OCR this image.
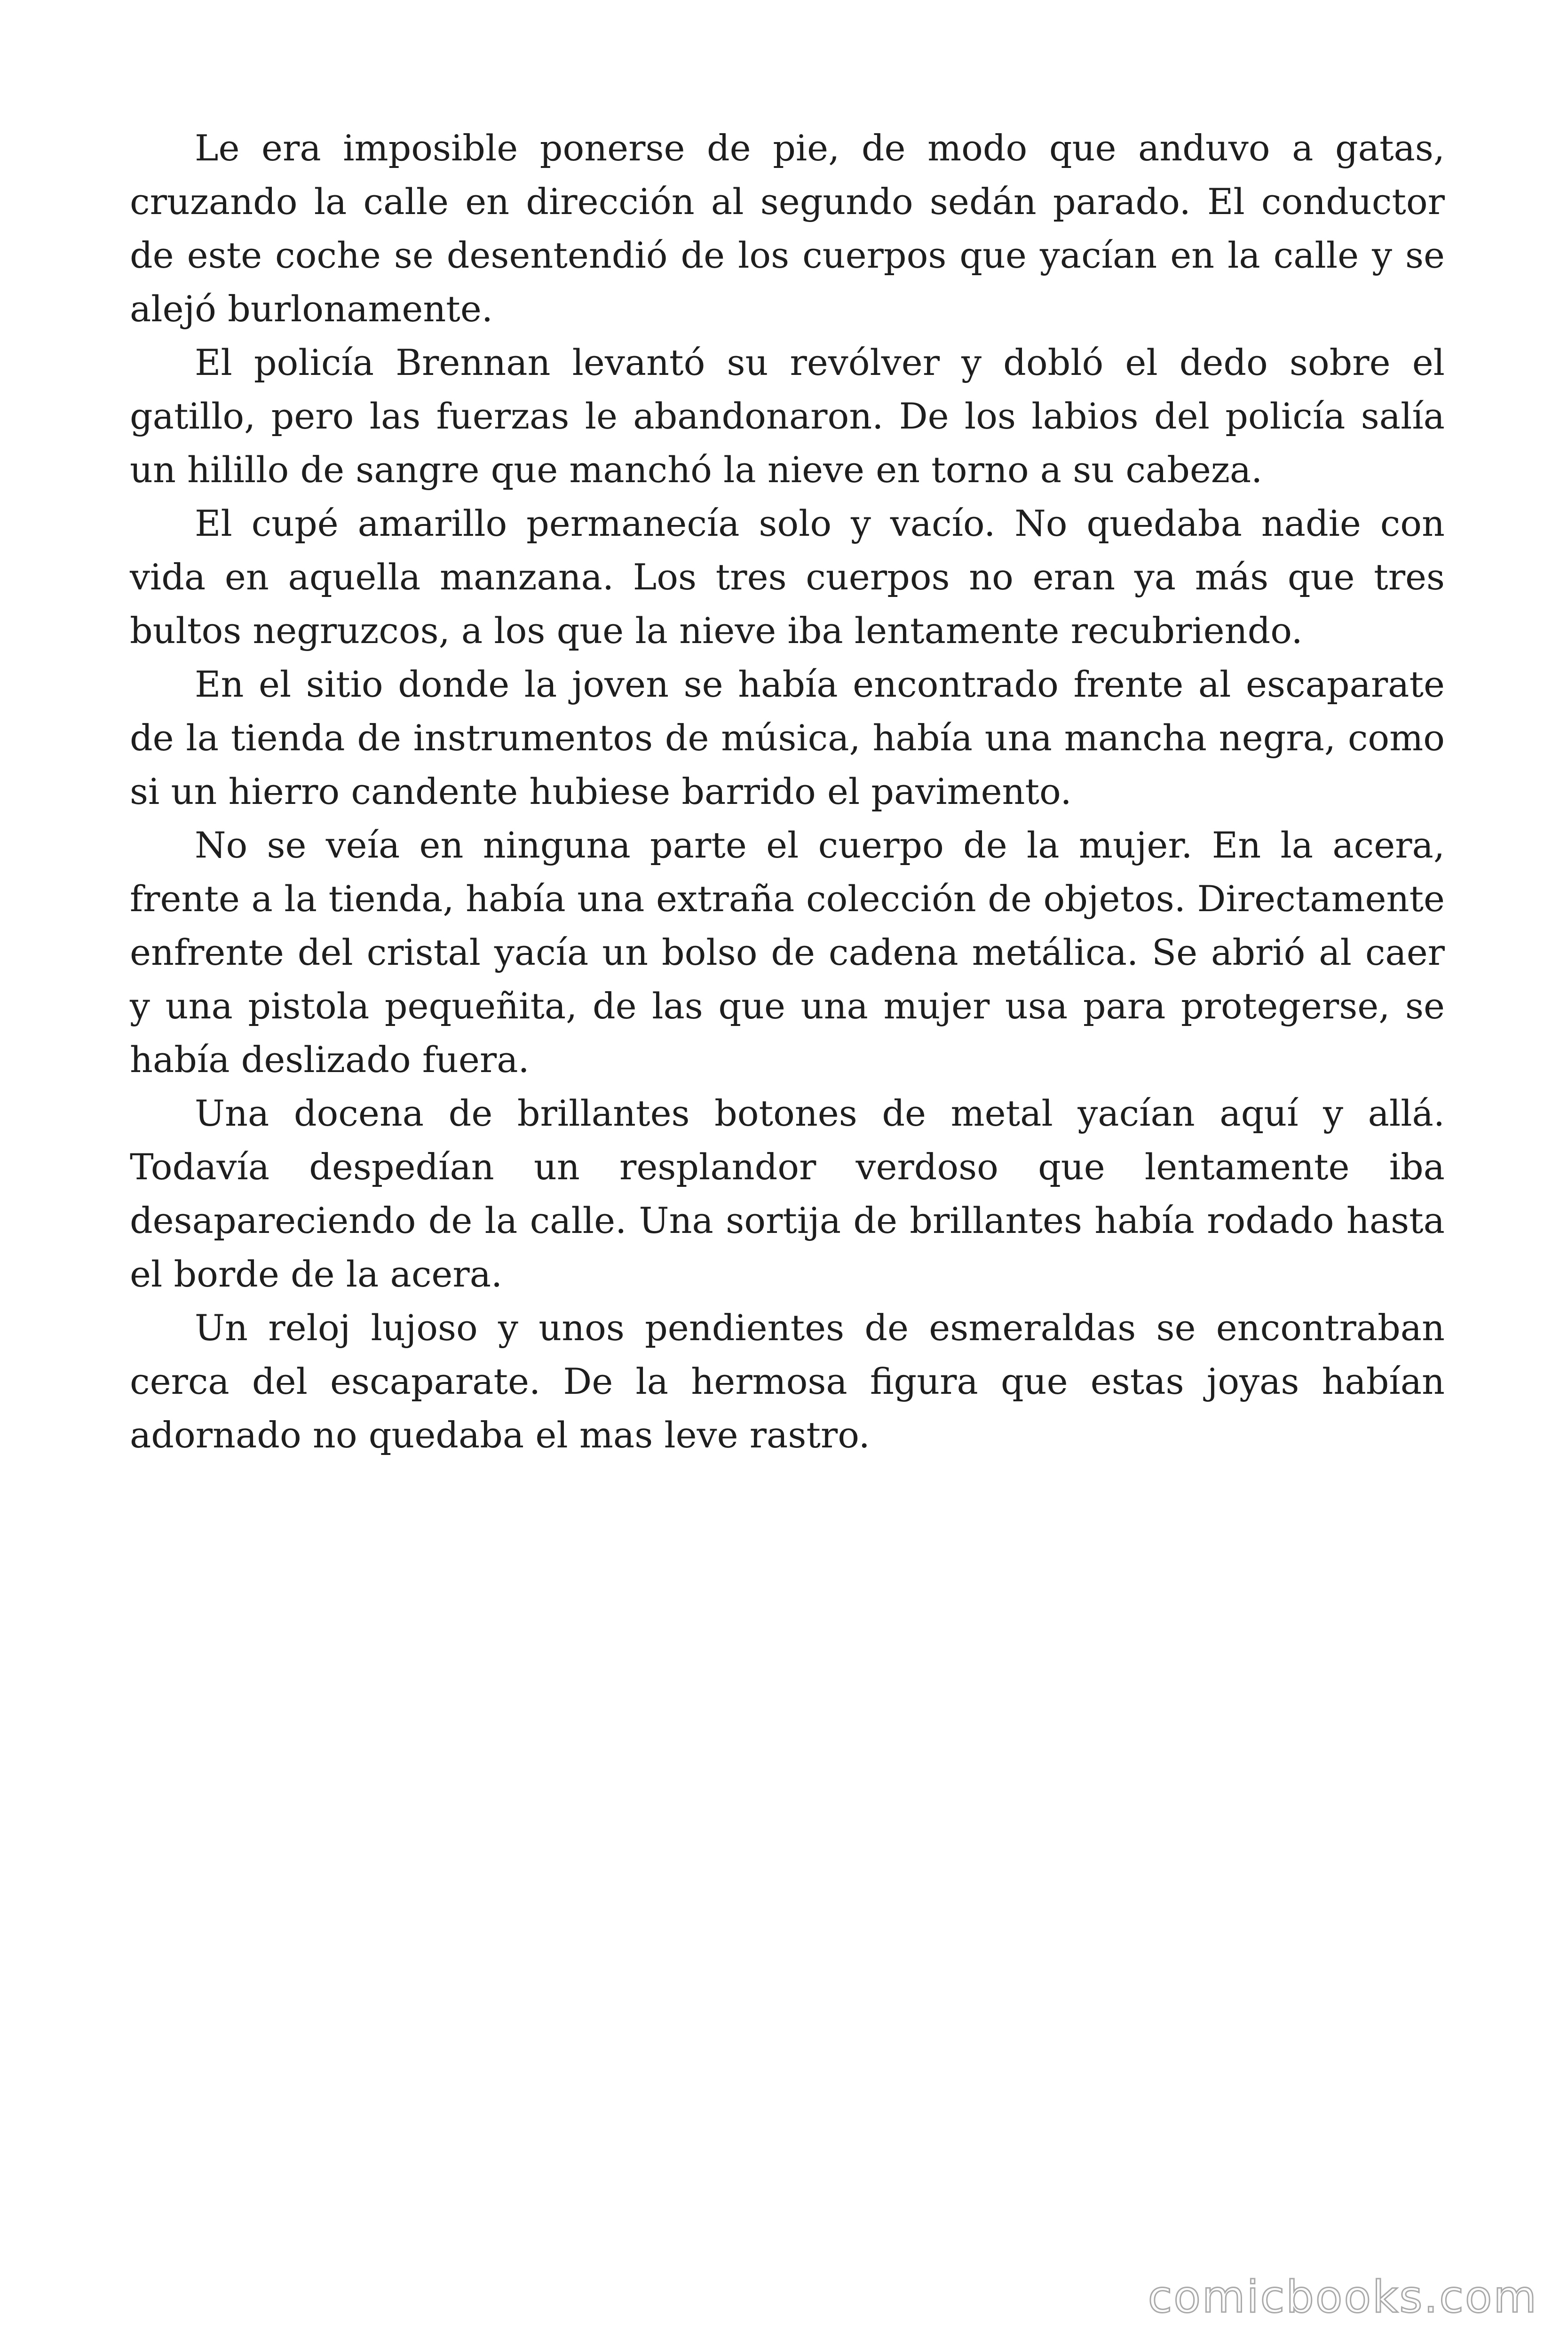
Le era imposible ponerse de pie, de modo que anduvo a gatas, cruzando la calle en dirección al segundo sedán parado. El conductor de este coche se desentendió de los cuerpos que yacían en la calle y se alejó burlonamente.

El policía Brennan levantó su revólver y dobló el dedo sobre el gatillo, pero las fuerzas le abandonaron. De los labios del policía salía un hilillo de sangre que manchó la nieve en torno a su cabeza.

El cupé amarillo permanecía solo y vacío. No quedaba nadie con vida en aquella manzana. Los tres cuerpos no eran ya más que tres bultos negruzcos, a los que la nieve iba lentamente recubriendo.

En el sitio donde la joven se había encontrado frente al escaparate de la tienda de instrumentos de música, había una mancha negra, como si un hierro candente hubiese barrido el pavimento.

No se veía en ninguna parte el cuerpo de la mujer. En la acera, frente a la tienda, había una extraña colección de objetos. Directamente enfrente del cristal yacía un bolso de cadena metálica. Se abrió al caer y una pistola pequeñita, de las que una mujer usa para protegerse, se había deslizado fuera.

Una docena de brillantes botones de metal yacían aquí y allá. Todavía despedían un resplandor verdoso que lentamente iba desapareciendo de la calle. Una sortija de brillantes había rodado hasta el borde de la acera.

Un reloj lujoso y unos pendientes de esmeraldas se encontraban cerca del escaparate. De la hermosa figura que estas joyas habían adornado no quedaba el mas leve rastro.

comicbooks.com
